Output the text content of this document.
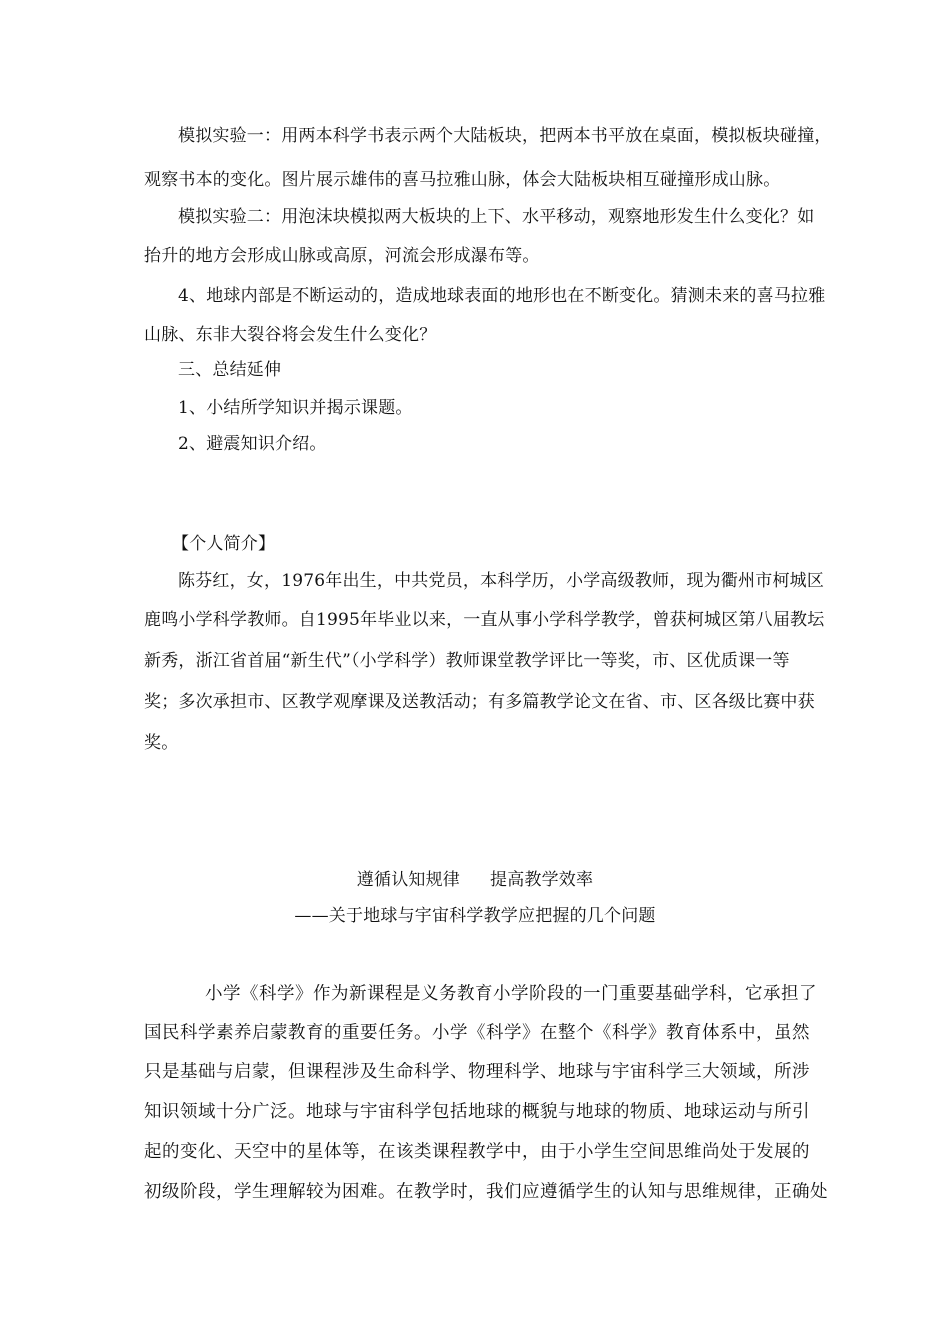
模拟实验一：用两本科学书表示两个大陆板块，把两本书平放在桌面，模拟板块碰撞，
观察书本的变化。图片展示雄伟的喜马拉雅山脉，体会大陆板块相互碰撞形成山脉。
模拟实验二：用泡沫块模拟两大板块的上下、水平移动，观察地形发生什么变化？如
抬升的地方会形成山脉或高原，河流会形成瀑布等。
4、地球内部是不断运动的，造成地球表面的地形也在不断变化。猜测未来的喜马拉雅
山脉、东非大裂谷将会发生什么变化？
三、总结延伸
1、小结所学知识并揭示课题。
2、避震知识介绍。
【个人简介】
陈芬红，女，1976年出生，中共党员，本科学历，小学高级教师，现为衢州市柯城区
鹿鸣小学科学教师。自1995年毕业以来，一直从事小学科学教学，曾获柯城区第八届教坛
新秀，浙江省首届“新生代”（小学科学）教师课堂教学评比一等奖，市、区优质课一等
奖；多次承担市、区教学观摩课及送教活动；有多篇教学论文在省、市、区各级比赛中获
奖。
遵循认知规律 提高教学效率
——关于地球与宇宙科学教学应把握的几个问题
小学《科学》作为新课程是义务教育小学阶段的一门重要基础学科，它承担了
国民科学素养启蒙教育的重要任务。小学《科学》在整个《科学》教育体系中，虽然
只是基础与启蒙，但课程涉及生命科学、物理科学、地球与宇宙科学三大领域，所涉
知识领域十分广泛。地球与宇宙科学包括地球的概貌与地球的物质、地球运动与所引
起的变化、天空中的星体等，在该类课程教学中，由于小学生空间思维尚处于发展的
初级阶段，学生理解较为困难。在教学时，我们应遵循学生的认知与思维规律，正确处
